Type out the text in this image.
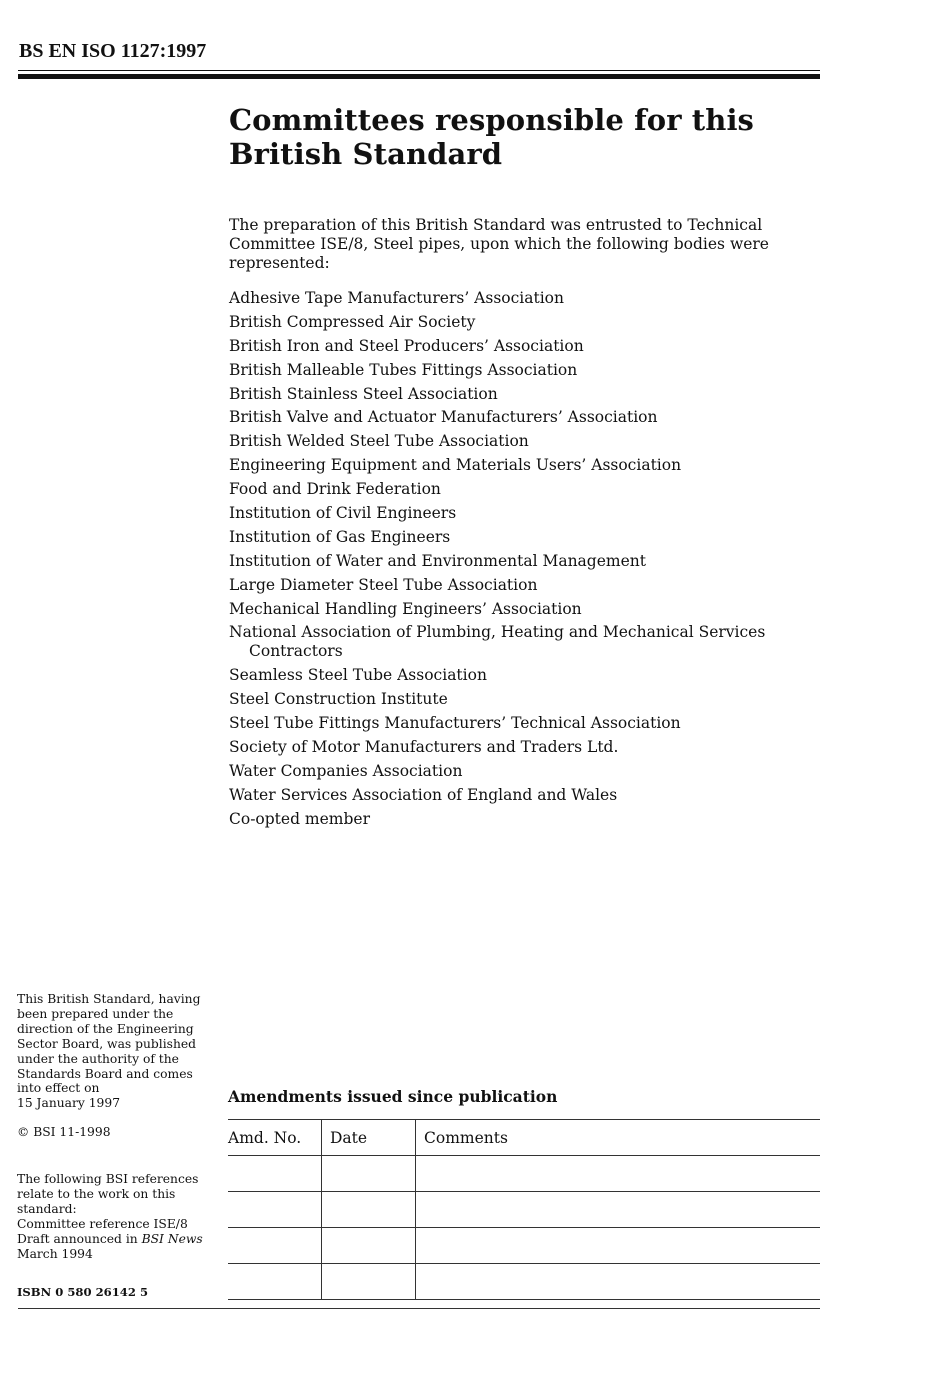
BS EN ISO 1127:1997
Committees responsible for this
British Standard

The preparation of this British Standard was entrusted to Technical Committee ISE/8, Steel pipes, upon which the following bodies were represented:

Adhesive Tape Manufacturers’ Association
British Compressed Air Society
British Iron and Steel Producers’ Association
British Malleable Tubes Fittings Association
British Stainless Steel Association
British Valve and Actuator Manufacturers’ Association
British Welded Steel Tube Association
Engineering Equipment and Materials Users’ Association
Food and Drink Federation
Institution of Civil Engineers
Institution of Gas Engineers
Institution of Water and Environmental Management
Large Diameter Steel Tube Association
Mechanical Handling Engineers’ Association
National Association of Plumbing, Heating and Mechanical Services Contractors
Seamless Steel Tube Association
Steel Construction Institute
Steel Tube Fittings Manufacturers’ Technical Association
Society of Motor Manufacturers and Traders Ltd.
Water Companies Association
Water Services Association of England and Wales
Co-opted member

This British Standard, having
been prepared under the
direction of the Engineering
Sector Board, was published
under the authority of the
Standards Board and comes
into effect on
15 January 1997

© BSI 11-1998

The following BSI references
relate to the work on this
standard:
Committee reference ISE/8
Draft announced in BSI News
March 1994

ISBN 0 580 26142 5

Amendments issued since publication
Amd. No.	Date	Comments
